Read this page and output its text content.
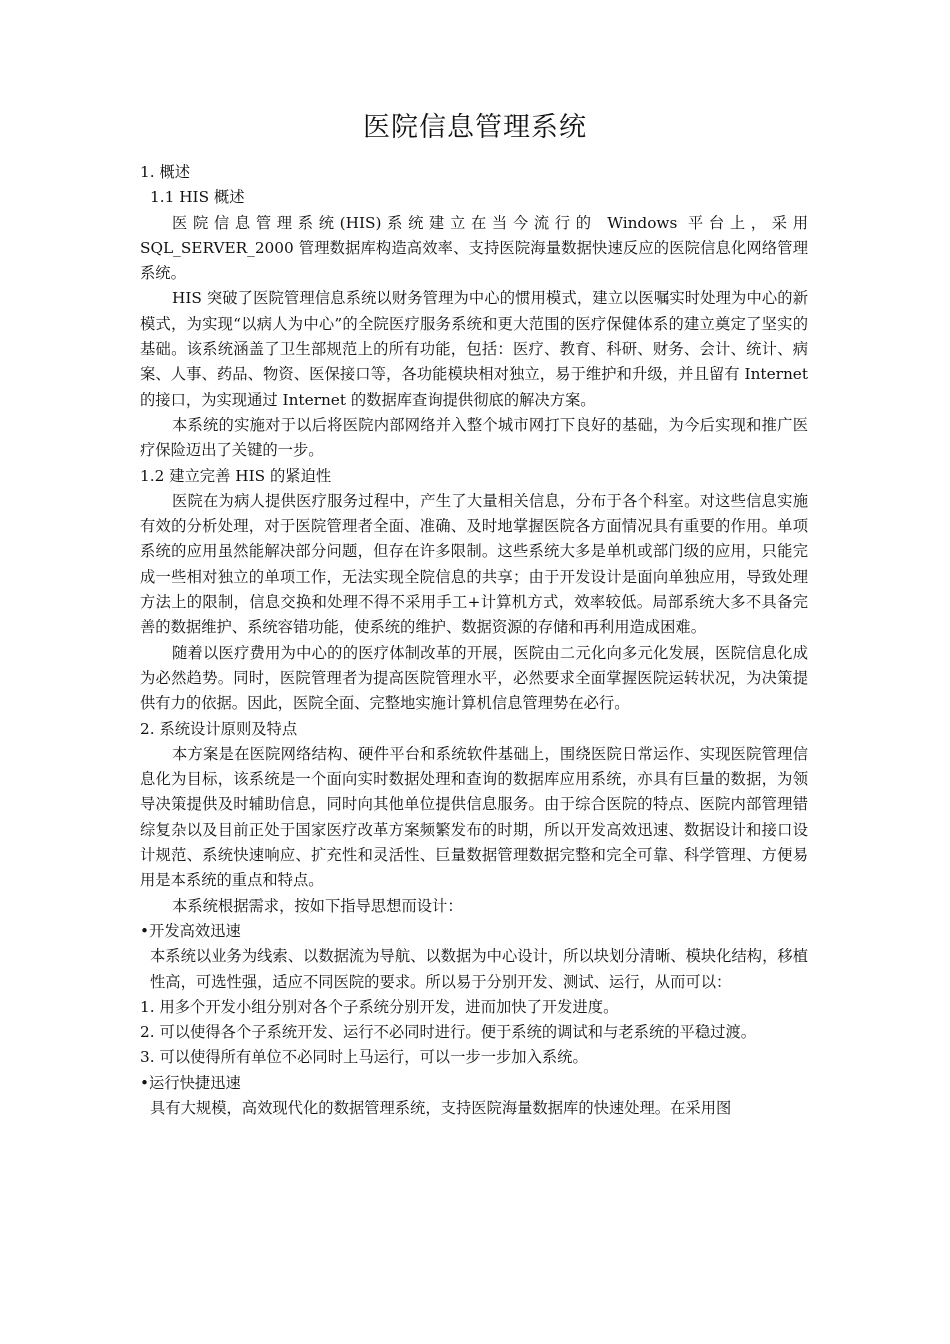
医院信息管理系统

1. 概述

1.1 HIS 概述

医院信息管理系统(HIS)系统建立在当今流行的 Windows 平台上，采用 SQL_SERVER_2000 管理数据库构造高效率、支持医院海量数据快速反应的医院信息化网络管理系统。

HIS 突破了医院管理信息系统以财务管理为中心的惯用模式，建立以医嘱实时处理为中心的新模式，为实现“以病人为中心”的全院医疗服务系统和更大范围的医疗保健体系的建立奠定了坚实的基础。该系统涵盖了卫生部规范上的所有功能，包括：医疗、教育、科研、财务、会计、统计、病案、人事、药品、物资、医保接口等，各功能模块相对独立，易于维护和升级，并且留有 Internet 的接口，为实现通过 Internet 的数据库查询提供彻底的解决方案。

本系统的实施对于以后将医院内部网络并入整个城市网打下良好的基础，为今后实现和推广医疗保险迈出了关键的一步。

1.2 建立完善 HIS 的紧迫性

医院在为病人提供医疗服务过程中，产生了大量相关信息，分布于各个科室。对这些信息实施有效的分析处理，对于医院管理者全面、准确、及时地掌握医院各方面情况具有重要的作用。单项系统的应用虽然能解决部分问题，但存在许多限制。这些系统大多是单机或部门级的应用，只能完成一些相对独立的单项工作，无法实现全院信息的共享；由于开发设计是面向单独应用，导致处理方法上的限制，信息交换和处理不得不采用手工+计算机方式，效率较低。局部系统大多不具备完善的数据维护、系统容错功能，使系统的维护、数据资源的存储和再利用造成困难。

随着以医疗费用为中心的的医疗体制改革的开展，医院由二元化向多元化发展，医院信息化成为必然趋势。同时，医院管理者为提高医院管理水平，必然要求全面掌握医院运转状况，为决策提供有力的依据。因此，医院全面、完整地实施计算机信息管理势在必行。

2. 系统设计原则及特点

本方案是在医院网络结构、硬件平台和系统软件基础上，围绕医院日常运作、实现医院管理信息化为目标，该系统是一个面向实时数据处理和查询的数据库应用系统，亦具有巨量的数据，为领导决策提供及时辅助信息，同时向其他单位提供信息服务。由于综合医院的特点、医院内部管理错综复杂以及目前正处于国家医疗改革方案频繁发布的时期，所以开发高效迅速、数据设计和接口设计规范、系统快速响应、扩充性和灵活性、巨量数据管理数据完整和完全可靠、科学管理、方便易用是本系统的重点和特点。

本系统根据需求，按如下指导思想而设计：

•开发高效迅速

本系统以业务为线索、以数据流为导航、以数据为中心设计，所以块划分清晰、模块化结构，移植性高，可选性强，适应不同医院的要求。所以易于分别开发、测试、运行，从而可以：

1. 用多个开发小组分别对各个子系统分别开发，进而加快了开发进度。

2. 可以使得各个子系统开发、运行不必同时进行。便于系统的调试和与老系统的平稳过渡。

3. 可以使得所有单位不必同时上马运行，可以一步一步加入系统。

•运行快捷迅速

具有大规模，高效现代化的数据管理系统，支持医院海量数据库的快速处理。在采用图
